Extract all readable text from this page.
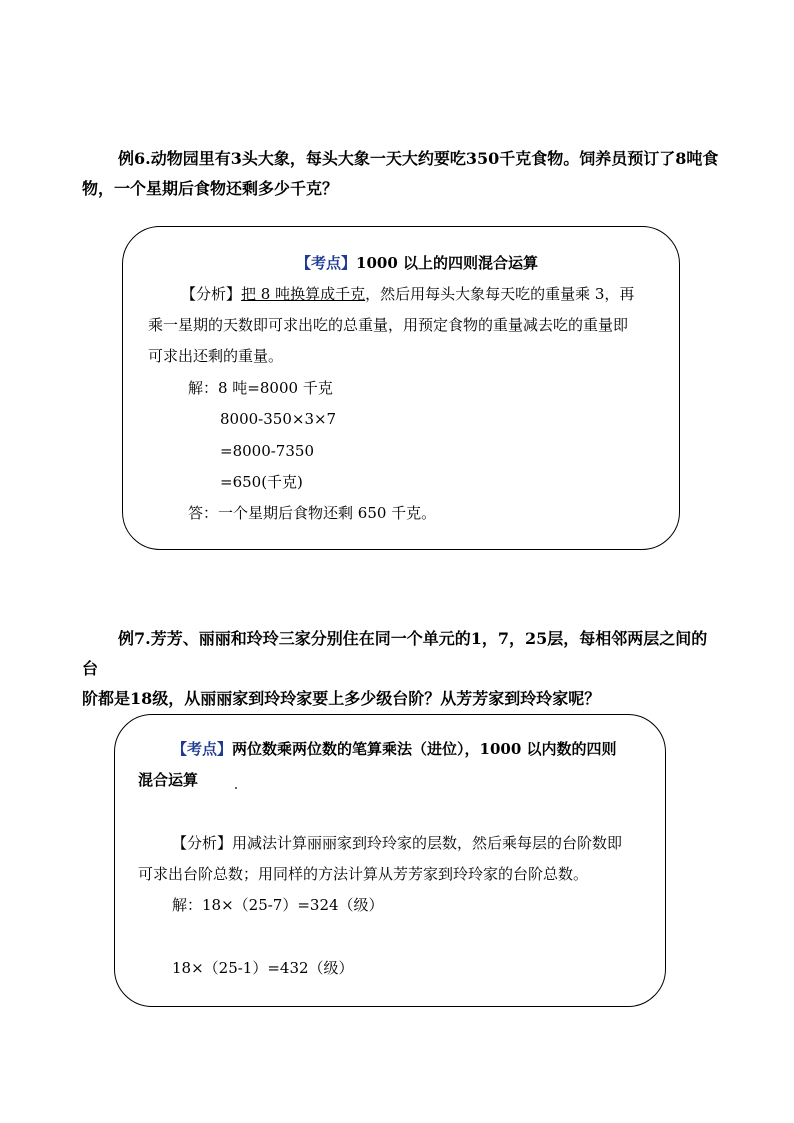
例6.动物园里有3头大象，每头大象一天大约要吃350千克食物。饲养员预订了8吨食
物，一个星期后食物还剩多少千克？
【考点】1000 以上的四则混合运算
【分析】把 8 吨换算成千克，然后用每头大象每天吃的重量乘 3，再
乘一星期的天数即可求出吃的总重量，用预定食物的重量减去吃的重量即
可求出还剩的重量。
解：8 吨=8000 千克
8000-350×3×7
=8000-7350
=650(千克)
答：一个星期后食物还剩 650 千克。
例7.芳芳、丽丽和玲玲三家分别住在同一个单元的1，7，25层，每相邻两层之间的台
阶都是18级，从丽丽家到玲玲家要上多少级台阶？从芳芳家到玲玲家呢？
【考点】两位数乘两位数的笔算乘法（进位），1000 以内数的四则
混合运算
【分析】用减法计算丽丽家到玲玲家的层数，然后乘每层的台阶数即
可求出台阶总数；用同样的方法计算从芳芳家到玲玲家的台阶总数。
解：18×（25-7）=324（级）
18×（25-1）=432（级）
